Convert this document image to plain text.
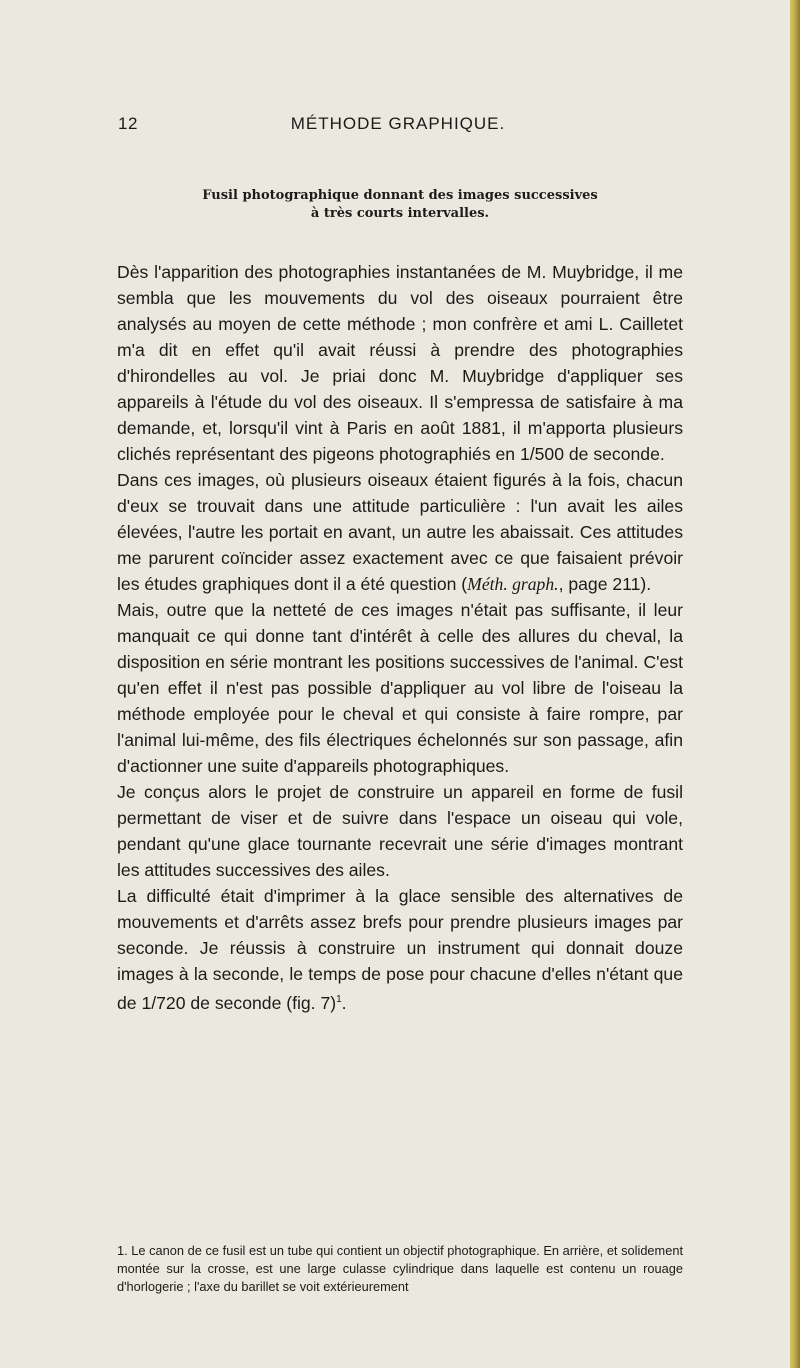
12	MÉTHODE GRAPHIQUE.
Fusil photographique donnant des images successives
à très courts intervalles.

Dès l'apparition des photographies instantanées de M. Muybridge, il me sembla que les mouvements du vol des oiseaux pourraient être analysés au moyen de cette méthode ; mon confrère et ami L. Cailletet m'a dit en effet qu'il avait réussi à prendre des photographies d'hirondelles au vol. Je priai donc M. Muybridge d'appliquer ses appareils à l'étude du vol des oiseaux. Il s'empressa de satisfaire à ma demande, et, lorsqu'il vint à Paris en août 1881, il m'apporta plusieurs clichés représentant des pigeons photographiés en 1/500 de seconde.

Dans ces images, où plusieurs oiseaux étaient figurés à la fois, chacun d'eux se trouvait dans une attitude particulière : l'un avait les ailes élevées, l'autre les portait en avant, un autre les abaissait. Ces attitudes me parurent coïncider assez exactement avec ce que faisaient prévoir les études graphiques dont il a été question (Méth. graph., page 211).

Mais, outre que la netteté de ces images n'était pas suffisante, il leur manquait ce qui donne tant d'intérêt à celle des allures du cheval, la disposition en série montrant les positions successives de l'animal. C'est qu'en effet il n'est pas possible d'appliquer au vol libre de l'oiseau la méthode employée pour le cheval et qui consiste à faire rompre, par l'animal lui-même, des fils électriques échelonnés sur son passage, afin d'actionner une suite d'appareils photographiques.

Je conçus alors le projet de construire un appareil en forme de fusil permettant de viser et de suivre dans l'espace un oiseau qui vole, pendant qu'une glace tournante recevrait une série d'images montrant les attitudes successives des ailes.

La difficulté était d'imprimer à la glace sensible des alternatives de mouvements et d'arrêts assez brefs pour prendre plusieurs images par seconde. Je réussis à construire un instrument qui donnait douze images à la seconde, le temps de pose pour chacune d'elles n'étant que de 1/720 de seconde (fig. 7)$^1$.

1. Le canon de ce fusil est un tube qui contient un objectif photographique. En arrière, et solidement montée sur la crosse, est une large culasse cylindrique dans laquelle est contenu un rouage d'horlogerie ; l'axe du barillet se voit extérieurement
